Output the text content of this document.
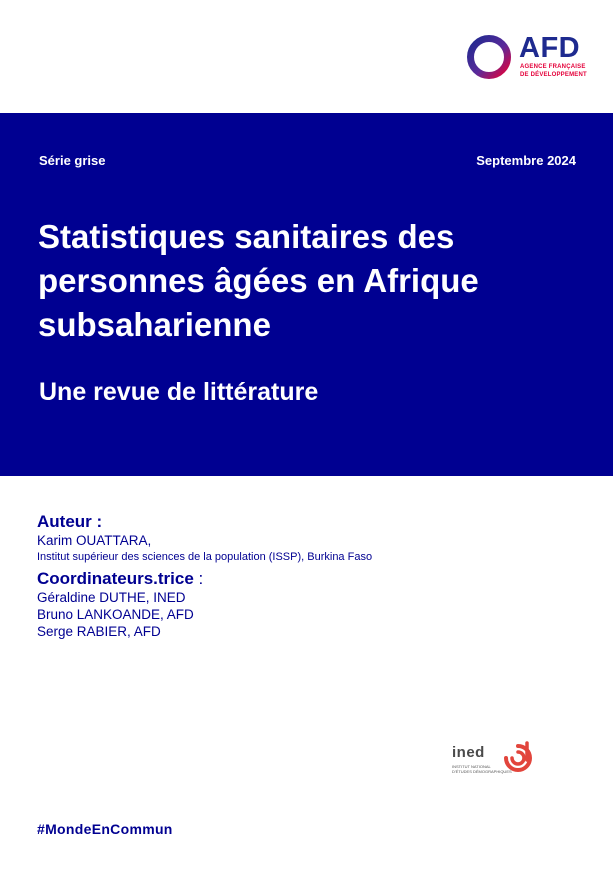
AFD
AGENCE FRANÇAISE
DE DÉVELOPPEMENT
Série grise	Septembre 2024
Statistiques sanitaires des personnes âgées en Afrique subsaharienne
Une revue de littérature
Auteur :
Karim OUATTARA,
Institut supérieur des sciences de la population (ISSP), Burkina Faso
Coordinateurs.trice :
Géraldine DUTHE, INED
Bruno LANKOANDE, AFD
Serge RABIER, AFD
ined
INSTITUT NATIONAL
D'ÉTUDES DÉMOGRAPHIQUES
#MondeEnCommun
